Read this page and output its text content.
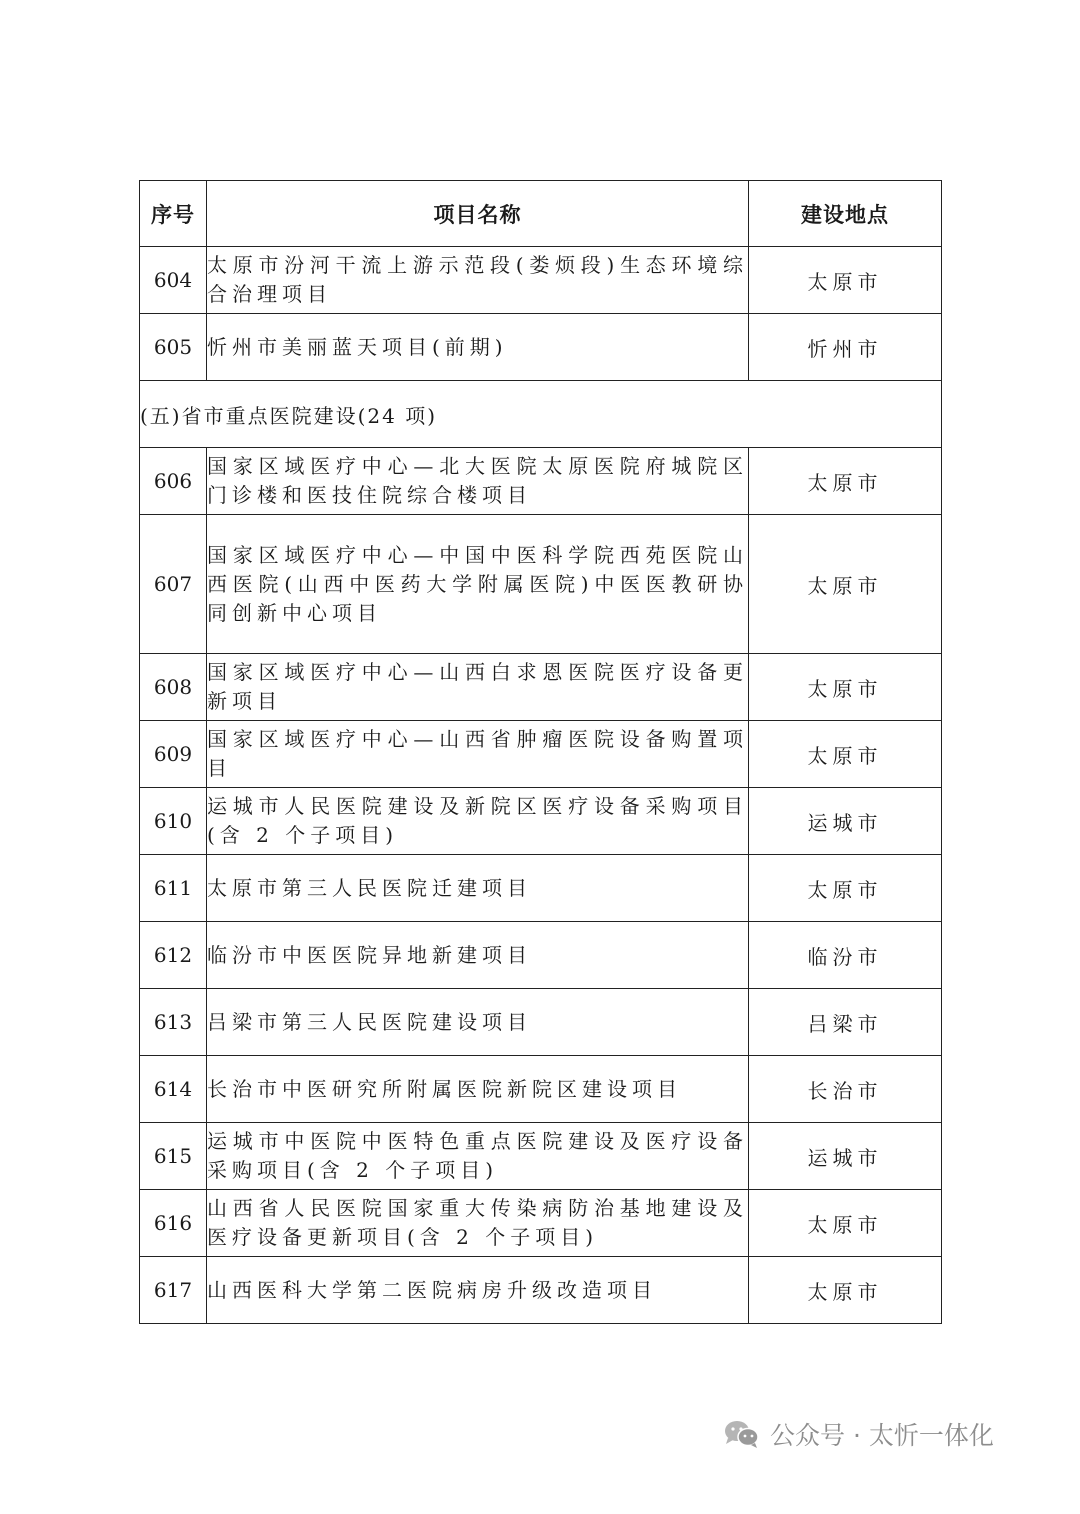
序号	项目名称	建设地点
604	太原市汾河干流上游示范段(娄烦段)生态环境综合治理项目	太原市
605	忻州市美丽蓝天项目(前期)	忻州市
(五)省市重点医院建设(24 项)		
606	国家区域医疗中心—北大医院太原医院府城院区门诊楼和医技住院综合楼项目	太原市
607	国家区域医疗中心—中国中医科学院西苑医院山西医院(山西中医药大学附属医院)中医医教研协同创新中心项目	太原市
608	国家区域医疗中心—山西白求恩医院医疗设备更新项目	太原市
609	国家区域医疗中心—山西省肿瘤医院设备购置项目	太原市
610	运城市人民医院建设及新院区医疗设备采购项目(含 2 个子项目)	运城市
611	太原市第三人民医院迁建项目	太原市
612	临汾市中医医院异地新建项目	临汾市
613	吕梁市第三人民医院建设项目	吕梁市
614	长治市中医研究所附属医院新院区建设项目	长治市
615	运城市中医院中医特色重点医院建设及医疗设备采购项目(含 2 个子项目)	运城市
616	山西省人民医院国家重大传染病防治基地建设及医疗设备更新项目(含 2 个子项目)	太原市
617	山西医科大学第二医院病房升级改造项目	太原市
公众号 · 太忻一体化
